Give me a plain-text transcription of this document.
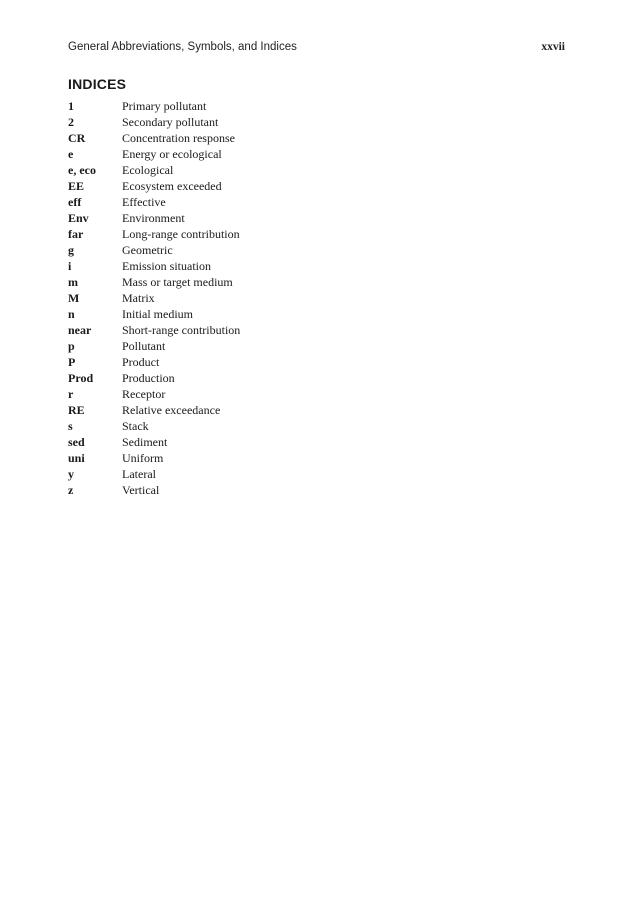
General Abbreviations, Symbols, and Indices	xxvii
INDICES
1	Primary pollutant
2	Secondary pollutant
CR	Concentration response
e	Energy or ecological
e, eco	Ecological
EE	Ecosystem exceeded
eff	Effective
Env	Environment
far	Long-range contribution
g	Geometric
i	Emission situation
m	Mass or target medium
M	Matrix
n	Initial medium
near	Short-range contribution
p	Pollutant
P	Product
Prod	Production
r	Receptor
RE	Relative exceedance
s	Stack
sed	Sediment
uni	Uniform
y	Lateral
z	Vertical
